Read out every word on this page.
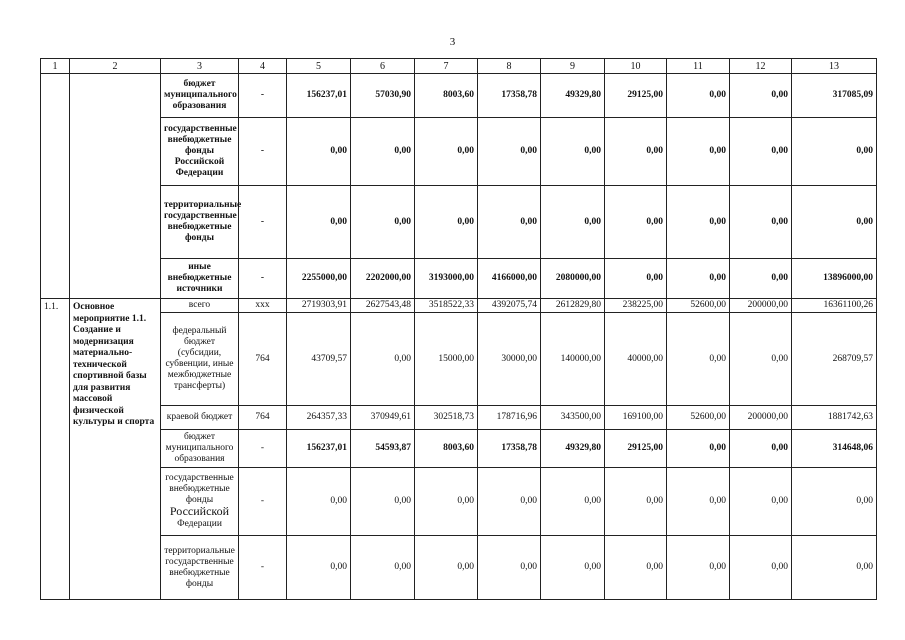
3
1	2	3	4	5	6	7	8	9	10	11	12	13
		бюджет муниципального образования	-	156237,01	57030,90	8003,60	17358,78	49329,80	29125,00	0,00	0,00	317085,09
		государственные внебюджетные фонды Российской Федерации	-	0,00	0,00	0,00	0,00	0,00	0,00	0,00	0,00	0,00
		территориальные государственные внебюджетные фонды	-	0,00	0,00	0,00	0,00	0,00	0,00	0,00	0,00	0,00
		иные внебюджетные источники	-	2255000,00	2202000,00	3193000,00	4166000,00	2080000,00	0,00	0,00	0,00	13896000,00
1.1.	Основное мероприятие 1.1. Создание и модернизация материально-технической спортивной базы для развития массовой физической культуры и спорта	всего	ххх	2719303,91	2627543,48	3518522,33	4392075,74	2612829,80	238225,00	52600,00	200000,00	16361100,26
		федеральный бюджет (субсидии, субвенции, иные межбюджетные трансферты)	764	43709,57	0,00	15000,00	30000,00	140000,00	40000,00	0,00	0,00	268709,57
		краевой бюджет	764	264357,33	370949,61	302518,73	178716,96	343500,00	169100,00	52600,00	200000,00	1881742,63
		бюджет муниципального образования	-	156237,01	54593,87	8003,60	17358,78	49329,80	29125,00	0,00	0,00	314648,06
		государственные внебюджетные фонды
Российской
Федерации	-	0,00	0,00	0,00	0,00	0,00	0,00	0,00	0,00	0,00
		территориальные государственные внебюджетные фонды	-	0,00	0,00	0,00	0,00	0,00	0,00	0,00	0,00	0,00
